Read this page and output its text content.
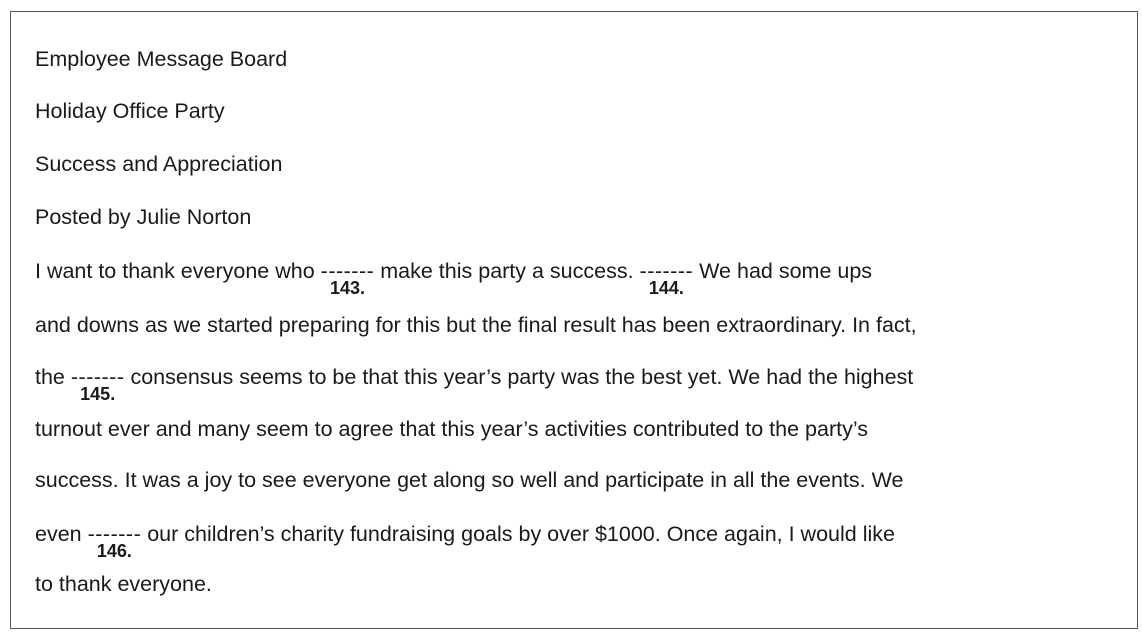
Employee Message Board
Holiday Office Party
Success and Appreciation
Posted by Julie Norton
I want to thank everyone who -------
143.
make this party a success. -------
144.
We had some ups
and downs as we started preparing for this but the final result has been extraordinary. In fact,
the -------
145.
consensus seems to be that this year’s party was the best yet. We had the highest
turnout ever and many seem to agree that this year’s activities contributed to the party’s
success. It was a joy to see everyone get along so well and participate in all the events. We
even -------
146.
our children’s charity fundraising goals by over $1000. Once again, I would like
to thank everyone.
